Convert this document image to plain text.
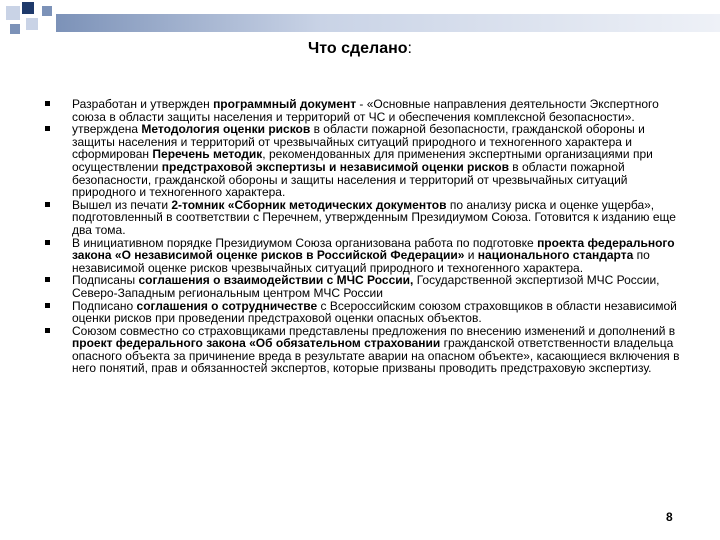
Что сделано:
Разработан и утвержден программный документ - «Основные направления деятельности Экспертного союза в области защиты населения и территорий от ЧС и обеспечения комплексной безопасности».
утверждена Методология оценки рисков в области пожарной безопасности, гражданской обороны и защиты населения и территорий от чрезвычайных ситуаций природного и техногенного характера и сформирован Перечень методик, рекомендованных для применения экспертными организациями при осуществлении предстраховой экспертизы и независимой оценки рисков в области пожарной безопасности, гражданской обороны и защиты населения и территорий от чрезвычайных ситуаций природного и техногенного характера.
Вышел из печати 2-томник «Сборник методических документов по анализу риска и оценке ущерба», подготовленный в соответствии с Перечнем, утвержденным Президиумом Союза. Готовится к изданию еще два тома.
В инициативном порядке Президиумом Союза организована работа по подготовке проекта федерального закона «О независимой оценке рисков в Российской Федерации» и национального стандарта по независимой оценке рисков чрезвычайных ситуаций природного и техногенного характера.
Подписаны соглашения о взаимодействии с МЧС России, Государственной экспертизой МЧС России, Северо-Западным региональным центром МЧС России
Подписано соглашения о сотрудничестве с Всероссийским союзом страховщиков в области независимой оценки рисков при проведении предстраховой оценки опасных объектов.
Союзом совместно со страховщиками представлены предложения по внесению изменений и дополнений в проект федерального закона «Об обязательном страховании гражданской ответственности владельца опасного объекта за причинение вреда в результате аварии на опасном объекте», касающиеся включения в него понятий, прав и обязанностей экспертов, которые призваны проводить предстраховую экспертизу.
8
